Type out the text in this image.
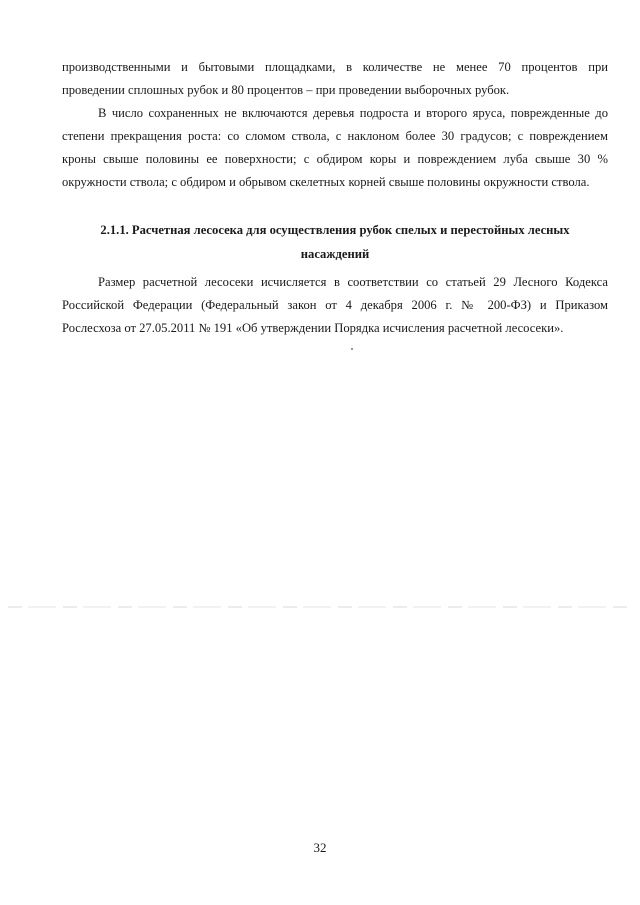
производственными и бытовыми площадками, в количестве не менее 70 процентов при
проведении сплошных рубок и 80 процентов – при проведении выборочных рубок.
В число сохраненных не включаются деревья подроста и второго яруса, поврежденные до
степени прекращения роста: со сломом ствола, с наклоном более 30 градусов; с повреждением
кроны свыше половины ее поверхности; с обдиром коры и повреждением луба свыше 30 %
окружности ствола; с обдиром и обрывом скелетных корней свыше половины окружности ствола.
2.1.1. Расчетная лесосека для осуществления рубок спелых и перестойных лесных
насаждений
Размер расчетной лесосеки исчисляется в соответствии со статьей 29 Лесного Кодекса
Российской Федерации (Федеральный закон от 4 декабря 2006 г. № 200-ФЗ) и Приказом
Рослесхоза от 27.05.2011 № 191 «Об утверждении Порядка исчисления расчетной лесосеки».
32
